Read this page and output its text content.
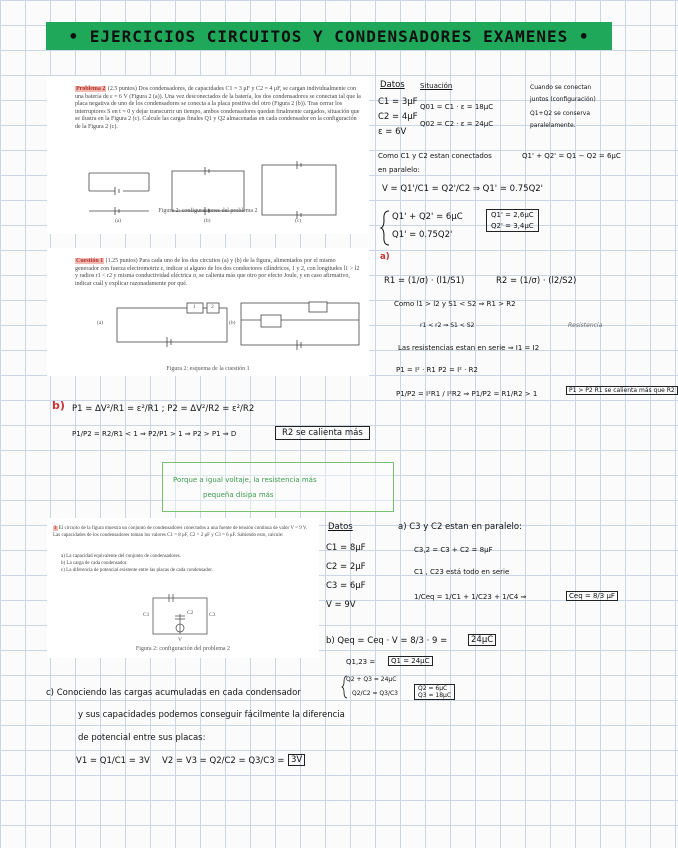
• EJERCICIOS CIRCUITOS Y CONDENSADORES EXAMENES •
Problema 2 (2.5 puntos) Dos condensadores, de capacidades C1 = 3 μF y C2 = 4 μF, se cargan individualmente con una batería de ε = 6 V (Figura 2 (a)). Una vez desconectados de la batería, los dos condensadores se conectan tal que la placa negativa de uno de los condensadores se conecta a la placa positiva del otro (Figura 2 (b)). Tras cerrar los interruptores S en t = 0 y dejar transcurrir un tiempo, ambos condensadores quedan finalmente cargados, situación que se ilustra en la Figura 2 (c). Calcule las cargas finales Q1 y Q2 almacenadas en cada condensador en la configuración de la Figura 2 (c).
(a)	(b)	(c)
Figura 2: configuraciones del problema 2
Cuestión 1 (1.25 puntos) Para cada uno de los dos circuitos (a) y (b) de la figura, alimentados por el mismo generador con fuerza electromotriz ε, indicar si alguno de los dos conductores cilíndricos, 1 y 2, con longitudes l1 > l2 y radios r1 < r2 y misma conductividad eléctrica σ, se calienta más que otro por efecto Joule, y en caso afirmativo, indicar cuál y explicar razonadamente por qué.
(a)	(b)
1	2
Figura 2: esquema de la cuestión 1
3 El circuito de la figura muestra un conjunto de condensadores conectados a una fuente de tensión continua de valor V = 9 V. Las capacidades de los condensadores toman los valores C1 = 8 μF, C2 = 2 μF y C3 = 6 μF. Sabiendo esto, calcule:
a) La capacidad equivalente del conjunto de condensadores.
b) La carga de cada condensador.
c) La diferencia de potencial existente entre las placas de cada condensador.
C1	C2	C3
V
Figura 2: configuración del problema 2
Datos
C1 = 3μF
C2 = 4μF
ε = 6V
Situación
Q01 = C1 · ε = 18μC
Q02 = C2 · ε = 24μC
Cuando se conectan
juntos (configuración)
Q1+Q2 se conserva
paralelamente.
Como C1 y C2 estan conectados	Q1' + Q2' = Q1 − Q2 = 6μC
en paralelo:
V = Q1'/C1 = Q2'/C2 ⇒ Q1' = 0.75Q2'
Q1' + Q2' = 6μC
Q1' = 0.75Q2'
Q1' = 2,6μC
Q2' = 3,4μC
a)
R1 = (1/σ) · (l1/S1)	R2 = (1/σ) · (l2/S2)
Como l1 > l2 y S1 < S2 ⇒ R1 > R2
r1 < r2 ⇒ S1 < S2	Resistencia
Las resistencias estan en serie ⇒ I1 = I2
P1 = I² · R1 P2 = I² · R2
P1/P2 = I²R1 / I²R2 ⇒ P1/P2 = R1/R2 > 1	P1 > P2 R1 se calienta más que R2
b) P1 = ΔV²/R1 = ε²/R1 ; P2 = ΔV²/R2 = ε²/R2
P1/P2 = R2/R1 < 1 ⇒ P2/P1 > 1 ⇒ P2 > P1 ⇒ D	R2 se calienta más
Porque a igual voltaje, la resistencia más
pequeña disipa más
Datos
C1 = 8μF
C2 = 2μF
C3 = 6μF
V = 9V
a) C3 y C2 estan en paralelo:
C3,2 = C3 + C2 = 8μF
C1 , C23 está todo en serie
1/Ceq = 1/C1 + 1/C23 + 1/C4 ⇒	Ceq = 8/3 μF
b) Qeq = Ceq · V = 8/3 · 9 =	24μC
Q1,23 =	Q1 = 24μC
Q2 + Q3 = 24μC
Q2/C2 = Q3/C3
Q2 = 6μC
Q3 = 18μC
c) Conociendo las cargas acumuladas en cada condensador
y sus capacidades podemos conseguir fácilmente la diferencia
de potencial entre sus placas:
V1 = Q1/C1 = 3V V2 = V3 = Q2/C2 = Q3/C3 = 3V
